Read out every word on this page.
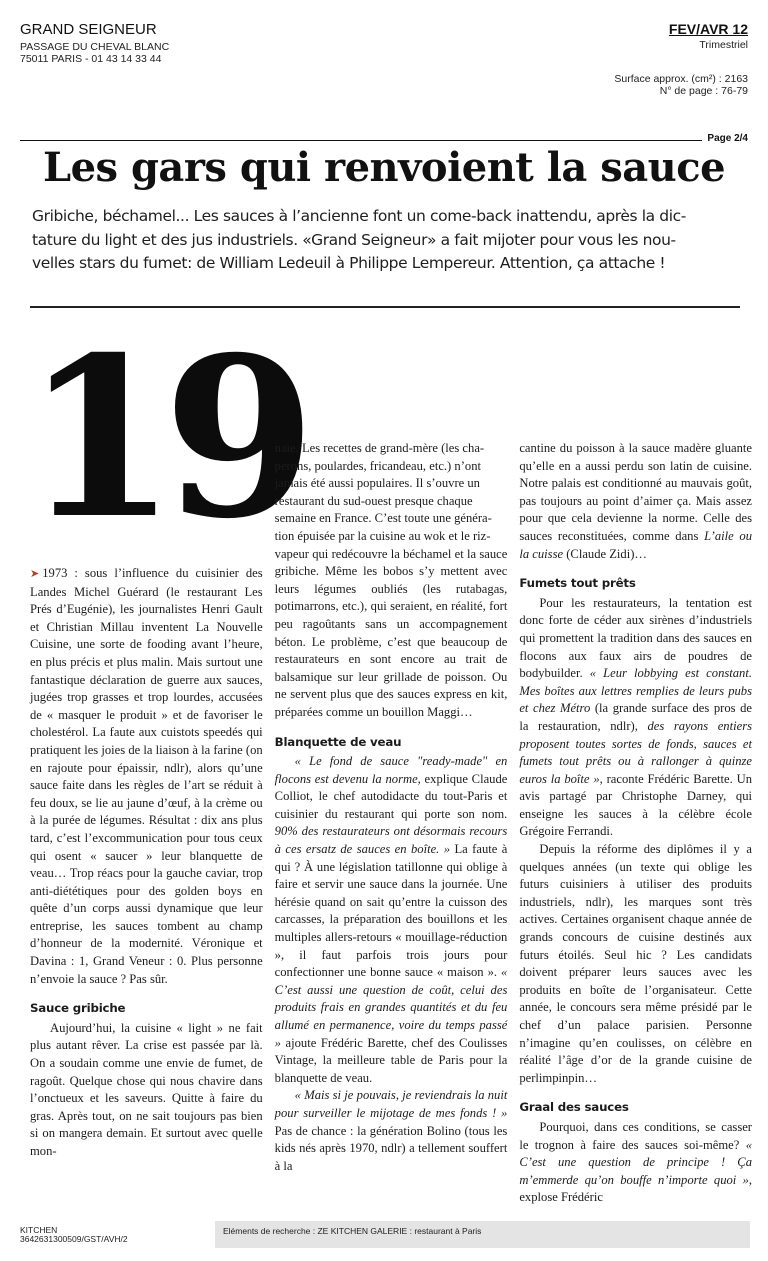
GRAND SEIGNEUR
PASSAGE DU CHEVAL BLANC
75011 PARIS - 01 43 14 33 44
FEV/AVR 12
Trimestriel
Surface approx. (cm²) : 2163
N° de page : 76-79
Page 2/4
Les gars qui renvoient la sauce
Gribiche, béchamel... Les sauces à l’ancienne font un come-back inattendu, après la dic-
tature du light et des jus industriels. «Grand Seigneur» a fait mijoter pour vous les nou-
velles stars du fumet: de William Ledeuil à Philippe Lempereur. Attention, ça attache !
19

➤ 1973 : sous l’influence du cuisinier des Landes Michel Guérard (le restaurant Les Prés d’Eugénie), les journalistes Henri Gault et Christian Millau inventent La Nouvelle Cuisine, une sorte de fooding avant l’heure, en plus précis et plus malin. Mais surtout une fantastique déclaration de guerre aux sauces, jugées trop grasses et trop lourdes, accusées de « masquer le produit » et de favoriser le cholestérol. La faute aux cuistots speedés qui pratiquent les joies de la liaison à la farine (on en rajoute pour épaissir, ndlr), alors qu’une sauce faite dans les règles de l’art se réduit à feu doux, se lie au jaune d’œuf, à la crème ou à la purée de légumes. Résultat : dix ans plus tard, c’est l’excommunication pour tous ceux qui osent « saucer » leur blanquette de veau… Trop réacs pour la gauche caviar, trop anti-diététiques pour des golden boys en quête d’un corps aussi dynamique que leur entreprise, les sauces tombent au champ d’honneur de la modernité. Véronique et Davina : 1, Grand Veneur : 0. Plus personne n’envoie la sauce ? Pas sûr.

Sauce gribiche

Aujourd’hui, la cuisine « light » ne fait plus autant rêver. La crise est passée par là. On a soudain comme une envie de fumet, de ragoût. Quelque chose qui nous chavire dans l’onctueux et les saveurs. Quitte à faire du gras. Après tout, on ne sait toujours pas bien si on mangera demain. Et surtout avec quelle mon-

naie. Les recettes de grand-mère (les cha-
perons, poulardes, fricandeau, etc.) n’ont
jamais été aussi populaires. Il s’ouvre un
restaurant du sud-ouest presque chaque
semaine en France. C’est toute une généra-
tion épuisée par la cuisine au wok et le riz-

vapeur qui redécouvre la béchamel et la sauce gribiche. Même les bobos s’y mettent avec leurs légumes oubliés (les rutabagas, potimarrons, etc.), qui seraient, en réalité, fort peu ragoûtants sans un accompagnement béton. Le problème, c’est que beaucoup de restaurateurs en sont encore au trait de balsamique sur leur grillade de poisson. Ou ne servent plus que des sauces express en kit, préparées comme un bouillon Maggi…

Blanquette de veau

« Le fond de sauce "ready-made" en flocons est devenu la norme, explique Claude Colliot, le chef autodidacte du tout-Paris et cuisinier du restaurant qui porte son nom. 90% des restaurateurs ont désormais recours à ces ersatz de sauces en boîte. » La faute à qui ? À une législation tatillonne qui oblige à faire et servir une sauce dans la journée. Une hérésie quand on sait qu’entre la cuisson des carcasses, la préparation des bouillons et les multiples allers-retours « mouillage-réduction », il faut parfois trois jours pour confectionner une bonne sauce « maison ». « C’est aussi une question de coût, celui des produits frais en grandes quantités et du feu allumé en permanence, voire du temps passé » ajoute Frédéric Barette, chef des Coulisses Vintage, la meilleure table de Paris pour la blanquette de veau.

« Mais si je pouvais, je reviendrais la nuit pour surveiller le mijotage de mes fonds ! » Pas de chance : la génération Bolino (tous les kids nés après 1970, ndlr) a tellement souffert à la

cantine du poisson à la sauce madère gluante qu’elle en a aussi perdu son latin de cuisine. Notre palais est conditionné au mauvais goût, pas toujours au point d’aimer ça. Mais assez pour que cela devienne la norme. Celle des sauces reconstituées, comme dans L’aile ou la cuisse (Claude Zidi)…

Fumets tout prêts

Pour les restaurateurs, la tentation est donc forte de céder aux sirènes d’industriels qui promettent la tradition dans des sauces en flocons aux faux airs de poudres de bodybuilder. « Leur lobbying est constant. Mes boîtes aux lettres remplies de leurs pubs et chez Métro (la grande surface des pros de la restauration, ndlr), des rayons entiers proposent toutes sortes de fonds, sauces et fumets tout prêts ou à rallonger à quinze euros la boîte », raconte Frédéric Barette. Un avis partagé par Christophe Darney, qui enseigne les sauces à la célèbre école Grégoire Ferrandi.

Depuis la réforme des diplômes il y a quelques années (un texte qui oblige les futurs cuisiniers à utiliser des produits industriels, ndlr), les marques sont très actives. Certaines organisent chaque année de grands concours de cuisine destinés aux futurs étoilés. Seul hic ? Les candidats doivent préparer leurs sauces avec les produits en boîte de l’organisateur. Cette année, le concours sera même présidé par le chef d’un palace parisien. Personne n’imagine qu’en coulisses, on célèbre en réalité l’âge d’or de la grande cuisine de perlimpinpin…

Graal des sauces

Pourquoi, dans ces conditions, se casser le trognon à faire des sauces soi-même? « C’est une question de principe ! Ça m’emmerde qu’on bouffe n’importe quoi », explose Frédéric

KITCHEN
3642631300509/GST/AVH/2
Eléments de recherche : ZE KITCHEN GALERIE : restaurant à Paris
